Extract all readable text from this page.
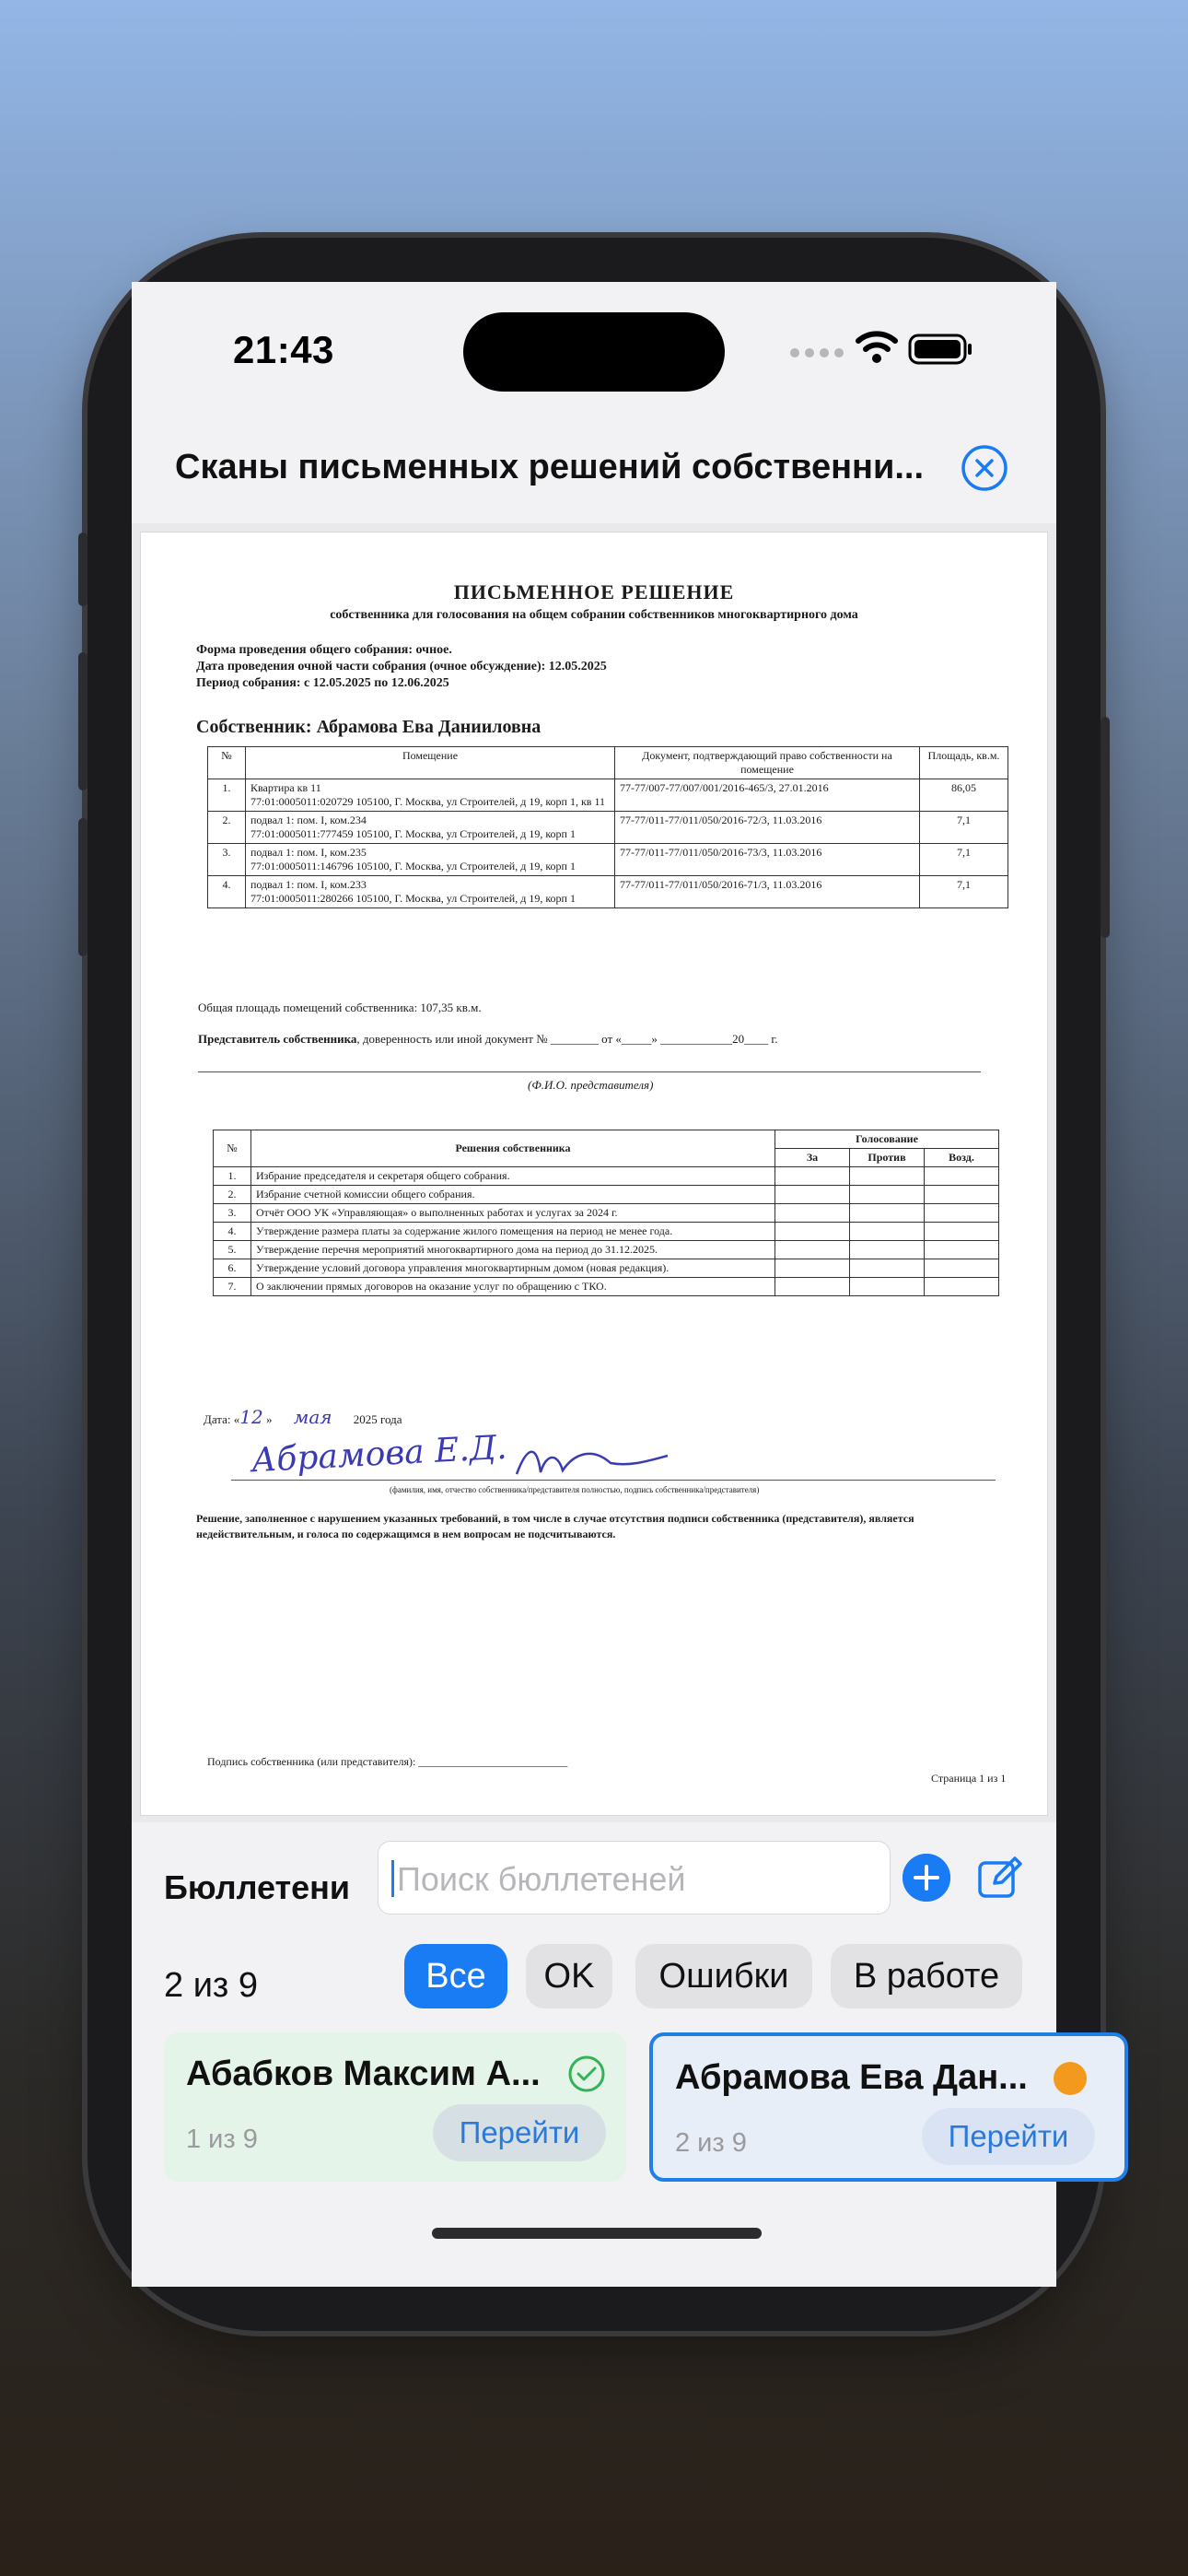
21:43
Сканы письменных решений собственни...
ПИСЬМЕННОЕ РЕШЕНИЕ
собственника для голосования на общем собрании собственников многоквартирного дома
Форма проведения общего собрания: очное.
Дата проведения очной части собрания (очное обсуждение): 12.05.2025
Период собрания: с 12.05.2025 по 12.06.2025
Собственник: Абрамова Ева Данииловна
№	Помещение	Документ, подтверждающий право собственности на помещение	Площадь, кв.м.
1.	Квартира кв 11
77:01:0005011:020729 105100, Г. Москва, ул Строителей, д 19, корп 1, кв 11	77-77/007-77/007/001/2016-465/3, 27.01.2016	86,05
2.	подвал 1: пом. I, ком.234
77:01:0005011:777459 105100, Г. Москва, ул Строителей, д 19, корп 1	77-77/011-77/011/050/2016-72/3, 11.03.2016	7,1
3.	подвал 1: пом. I, ком.235
77:01:0005011:146796 105100, Г. Москва, ул Строителей, д 19, корп 1	77-77/011-77/011/050/2016-73/3, 11.03.2016	7,1
4.	подвал 1: пом. I, ком.233
77:01:0005011:280266 105100, Г. Москва, ул Строителей, д 19, корп 1	77-77/011-77/011/050/2016-71/3, 11.03.2016	7,1
Общая площадь помещений собственника: 107,35 кв.м.
Представитель собственника, доверенность или иной документ № ________ от «_____» ____________20____ г.
(Ф.И.О. представителя)
№	Решения собственника	Голосование		
		За	Против	Возд.
1.	Избрание председателя и секретаря общего собрания.			
2.	Избрание счетной комиссии общего собрания.			
3.	Отчёт ООО УК «Управляющая» о выполненных работах и услугах за 2024 г.			
4.	Утверждение размера платы за содержание жилого помещения на период не менее года.			
5.	Утверждение перечня мероприятий многоквартирного дома на период до 31.12.2025.			
6.	Утверждение условий договора управления многоквартирным домом (новая редакция).			
7.	О заключении прямых договоров на оказание услуг по обращению с ТКО.			
Дата: «12 » мая 2025 года
Абрамова Е.Д.
(фамилия, имя, отчество собственника/представителя полностью, подпись собственника/представителя)
Решение, заполненное с нарушением указанных требований, в том числе в случае отсутствия подписи собственника (представителя), является недействительным, и голоса по содержащимся в нем вопросам не подсчитываются.
Подпись собственника (или представителя): ___________________________
Страница 1 из 1
Бюллетени Поиск бюллетеней
2 из 9	Все	OK	Ошибки	В работе
Абабков Максим А...
1 из 9	Перейти
Абрамова Ева Дан...
2 из 9	Перейти
